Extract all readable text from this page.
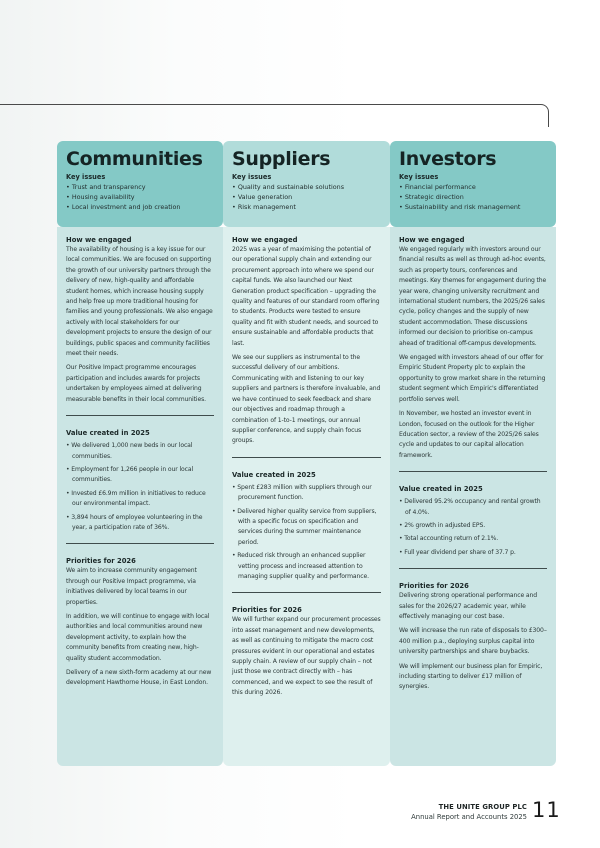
Communities
Key issues
• Trust and transparency
• Housing availability
• Local investment and job creation

How we engaged

The availability of housing is a key issue for our local communities. We are focused on supporting the growth of our university partners through the delivery of new, high-quality and affordable student homes, which increase housing supply and help free up more traditional housing for families and young professionals. We also engage actively with local stakeholders for our development projects to ensure the design of our buildings, public spaces and community facilities meet their needs.

Our Positive Impact programme encourages participation and includes awards for projects undertaken by employees aimed at delivering measurable benefits in their local communities.

Value created in 2025

• We delivered 1,000 new beds in our local communities.
• Employment for 1,266 people in our local communities.
• Invested £6.9m million in initiatives to reduce our environmental impact.
• 3,894 hours of employee volunteering in the year, a participation rate of 36%.

Priorities for 2026

We aim to increase community engagement through our Positive Impact programme, via initiatives delivered by local teams in our properties.

In addition, we will continue to engage with local authorities and local communities around new development activity, to explain how the community benefits from creating new, high-quality student accommodation.

Delivery of a new sixth-form academy at our new development Hawthorne House, in East London.

Suppliers
Key issues
• Quality and sustainable solutions
• Value generation
• Risk management

How we engaged

2025 was a year of maximising the potential of our operational supply chain and extending our procurement approach into where we spend our capital funds. We also launched our Next Generation product specification – upgrading the quality and features of our standard room offering to students. Products were tested to ensure quality and fit with student needs, and sourced to ensure sustainable and affordable products that last.

We see our suppliers as instrumental to the successful delivery of our ambitions. Communicating with and listening to our key suppliers and partners is therefore invaluable, and we have continued to seek feedback and share our objectives and roadmap through a combination of 1-to-1 meetings, our annual supplier conference, and supply chain focus groups.

Value created in 2025

• Spent £283 million with suppliers through our procurement function.
• Delivered higher quality service from suppliers, with a specific focus on specification and services during the summer maintenance period.
• Reduced risk through an enhanced supplier vetting process and increased attention to managing supplier quality and performance.

Priorities for 2026

We will further expand our procurement processes into asset management and new developments, as well as continuing to mitigate the macro cost pressures evident in our operational and estates supply chain. A review of our supply chain – not just those we contract directly with – has commenced, and we expect to see the result of this during 2026.

Investors
Key issues
• Financial performance
• Strategic direction
• Sustainability and risk management

How we engaged

We engaged regularly with investors around our financial results as well as through ad-hoc events, such as property tours, conferences and meetings. Key themes for engagement during the year were, changing university recruitment and international student numbers, the 2025/26 sales cycle, policy changes and the supply of new student accommodation. These discussions informed our decision to prioritise on-campus ahead of traditional off-campus developments.

We engaged with investors ahead of our offer for Empiric Student Property plc to explain the opportunity to grow market share in the returning student segment which Empiric's differentiated portfolio serves well.

In November, we hosted an investor event in London, focused on the outlook for the Higher Education sector, a review of the 2025/26 sales cycle and updates to our capital allocation framework.

Value created in 2025

• Delivered 95.2% occupancy and rental growth of 4.0%.
• 2% growth in adjusted EPS.
• Total accounting return of 2.1%.
• Full year dividend per share of 37.7 p.

Priorities for 2026

Delivering strong operational performance and sales for the 2026/27 academic year, while effectively managing our cost base.

We will increase the run rate of disposals to £300–400 million p.a., deploying surplus capital into university partnerships and share buybacks.

We will implement our business plan for Empiric, including starting to deliver £17 million of synergies.

THE UNITE GROUP PLC
Annual Report and Accounts 2025 11
